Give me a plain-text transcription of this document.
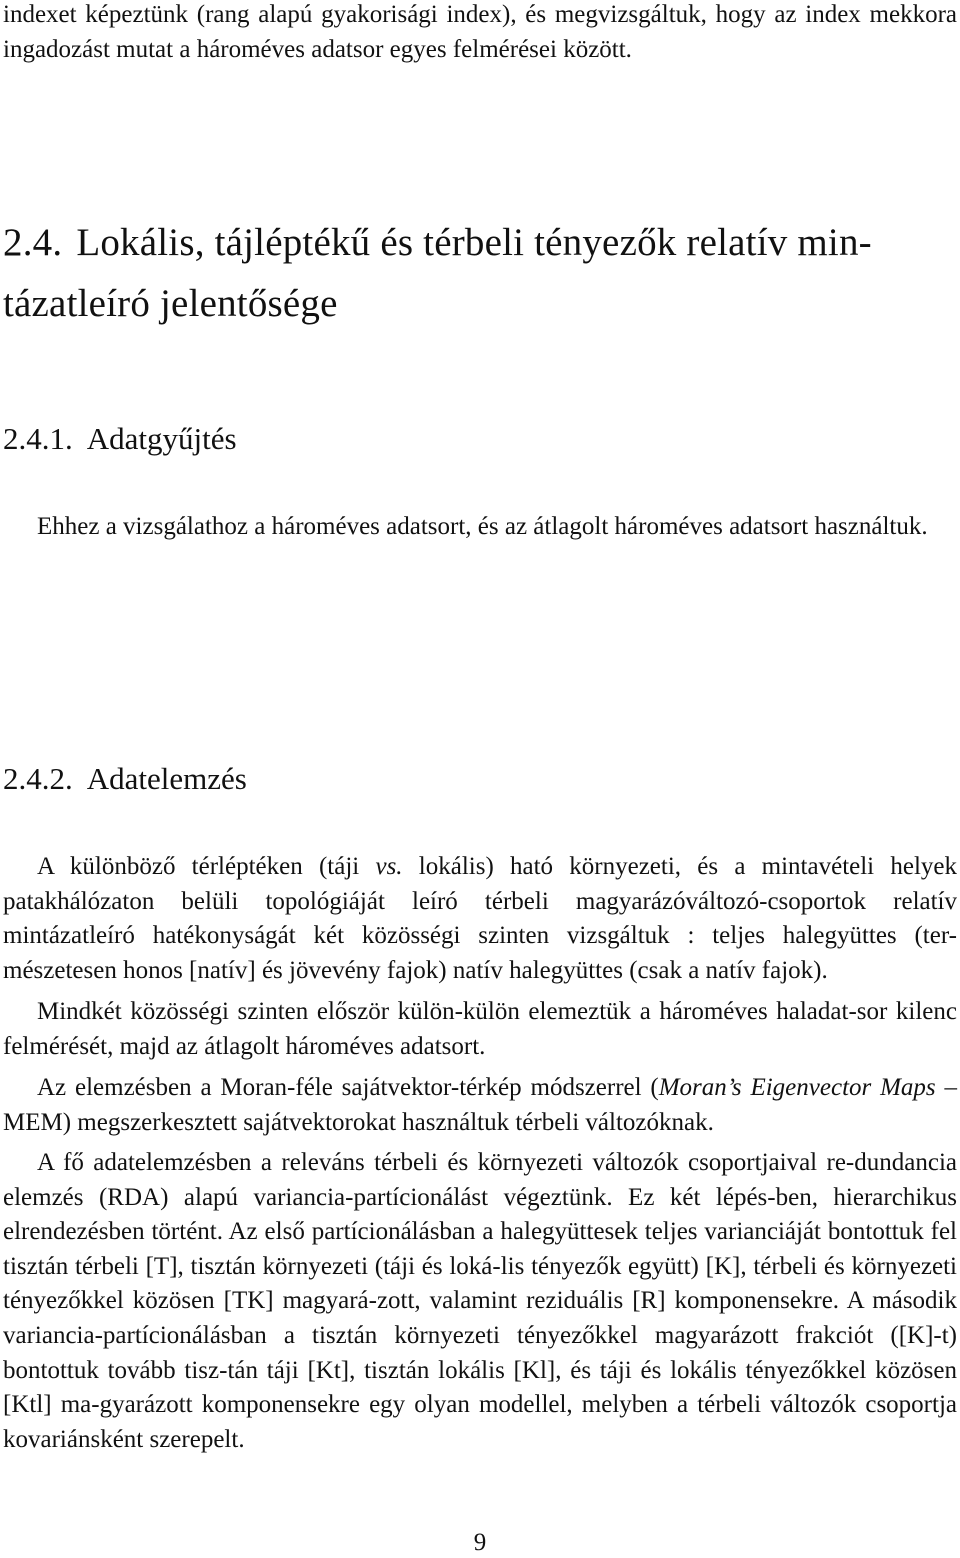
indexet képeztünk (rang alapú gyakorisági index), és megvizsgáltuk, hogy az index mekkora ingadozást mutat a hároméves adatsor egyes felmérései között.

2.4. Lokális, tájléptékű és térbeli tényezők relatív min-tázatleíró jelentősége
2.4.1. Adatgyűjtés

Ehhez a vizsgálathoz a hároméves adatsort, és az átlagolt hároméves adatsort használtuk.

2.4.2. Adatelemzés

A különböző térléptéken (táji vs. lokális) ható környezeti, és a mintavételi helyek patakhálózaton belüli topológiáját leíró térbeli magyarázóváltozó-csoportok relatív mintázatleíró hatékonyságát két közösségi szinten vizsgáltuk : teljes halegyüttes (ter-mészetesen honos [natív] és jövevény fajok) natív halegyüttes (csak a natív fajok).

Mindkét közösségi szinten először külön-külön elemeztük a hároméves haladat-sor kilenc felmérését, majd az átlagolt hároméves adatsort.

Az elemzésben a Moran-féle sajátvektor-térkép módszerrel (Moran’s Eigenvector Maps – MEM) megszerkesztett sajátvektorokat használtuk térbeli változóknak.

A fő adatelemzésben a releváns térbeli és környezeti változók csoportjaival re-dundancia elemzés (RDA) alapú variancia-partícionálást végeztünk. Ez két lépés-ben, hierarchikus elrendezésben történt. Az első partícionálásban a halegyüttesek teljes varianciáját bontottuk fel tisztán térbeli [T], tisztán környezeti (táji és loká-lis tényezők együtt) [K], térbeli és környezeti tényezőkkel közösen [TK] magyará-zott, valamint reziduális [R] komponensekre. A második variancia-partícionálásban a tisztán környezeti tényezőkkel magyarázott frakciót ([K]-t) bontottuk tovább tisz-tán táji [Kt], tisztán lokális [Kl], és táji és lokális tényezőkkel közösen [Ktl] ma-gyarázott komponensekre egy olyan modellel, melyben a térbeli változók csoportja kovariánsként szerepelt.

9
